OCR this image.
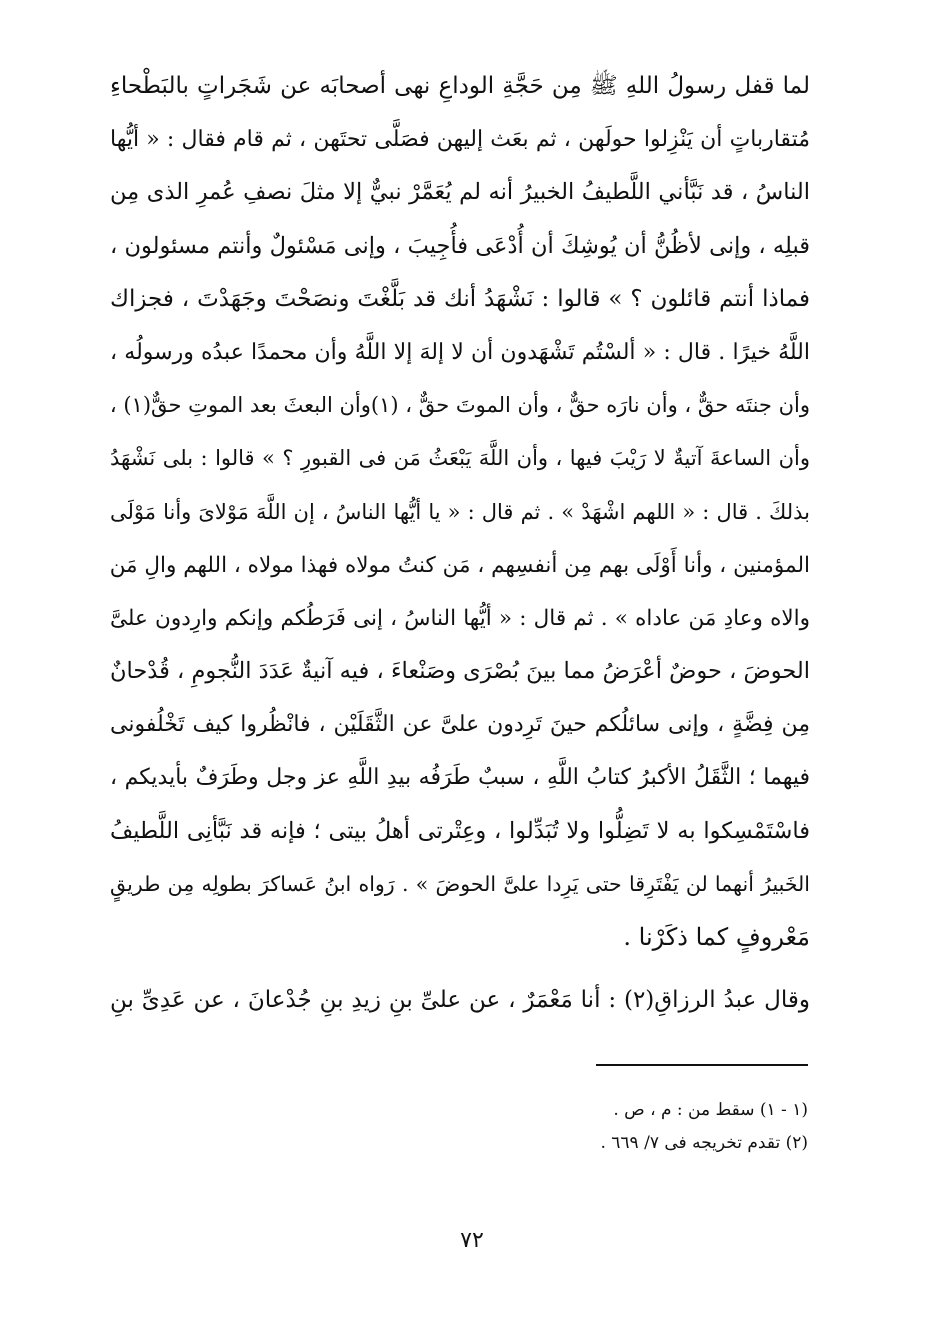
لما قفل رسولُ اللهِ ﷺ مِن حَجَّةِ الوداعِ نهى أصحابَه عن شَجَراتٍ بالبَطْحاءِ
مُتقارباتٍ أن يَنْزِلوا حولَهن ، ثم بعَث إليهن فصَلَّى تحتَهن ، ثم قام فقال : « أيُّها
الناسُ ، قد نَبَّأني اللَّطيفُ الخبيرُ أنه لم يُعَمَّرْ نبيٌّ إلا مثلَ نصفِ عُمرِ الذى مِن
قبلِه ، وإنى لأظُنُّ أن يُوشِكَ أن أُدْعَى فأُجِيبَ ، وإنى مَسْئولٌ وأنتم مسئولون ،
فماذا أنتم قائلون ؟ » قالوا : نَشْهَدُ أنك قد بَلَّغْتَ ونصَحْتَ وجَهَدْتَ ، فجزاك
اللَّهُ خيرًا . قال : « ألسْتُم تَشْهَدون أن لا إلهَ إلا اللَّهُ وأن محمدًا عبدُه ورسولُه ،
وأن جنتَه حقٌّ ، وأن نارَه حقٌّ ، وأن الموتَ حقٌّ ، (١)وأن البعثَ بعد الموتِ حقٌّ(١) ،
وأن الساعةَ آتيةٌ لا رَيْبَ فيها ، وأن اللَّهَ يَبْعَثُ مَن فى القبورِ ؟ » قالوا : بلى نَشْهَدُ
بذلكَ . قال : « اللهم اشْهَدْ » . ثم قال : « يا أيُّها الناسُ ، إن اللَّهَ مَوْلاىَ وأنا مَوْلَى
المؤمنين ، وأنا أَوْلَى بهم مِن أنفسِهم ، مَن كنتُ مولاه فهذا مولاه ، اللهم والِ مَن
والاه وعادِ مَن عاداه » . ثم قال : « أيُّها الناسُ ، إنى فَرَطُكم وإنكم وارِدون علىَّ
الحوضَ ، حوضٌ أعْرَضُ مما بينَ بُصْرَى وصَنْعاءَ ، فيه آنيةٌ عَدَدَ النُّجومِ ، قُدْحانٌ
مِن فِضَّةٍ ، وإنى سائلُكم حينَ تَرِدون علىَّ عن الثَّقَلَيْن ، فانْظُروا كيف تَخْلُفونى
فيهما ؛ الثَّقَلُ الأكبرُ كتابُ اللَّهِ ، سببٌ طَرَفُه بيدِ اللَّهِ عز وجل وطَرَفٌ بأيديكم ،
فاسْتَمْسِكوا به لا تَضِلُّوا ولا تُبَدِّلوا ، وعِتْرتى أهلُ بيتى ؛ فإنه قد نَبَّأنِى اللَّطيفُ
الخَبيرُ أنهما لن يَفْتَرِقا حتى يَرِدا علىَّ الحوضَ » . رَواه ابنُ عَساكرَ بطولِه مِن طريقٍ
مَعْروفٍ كما ذكَرْنا .
وقال عبدُ الرزاقِ(٢) : أنا مَعْمَرٌ ، عن علىِّ بنِ زيدِ بنِ جُدْعانَ ، عن عَدِىِّ بنِ
(١ - ١) سقط من : م ، ص .
(٢) تقدم تخريجه فى ٧/ ٦٦٩ .
٧٢
